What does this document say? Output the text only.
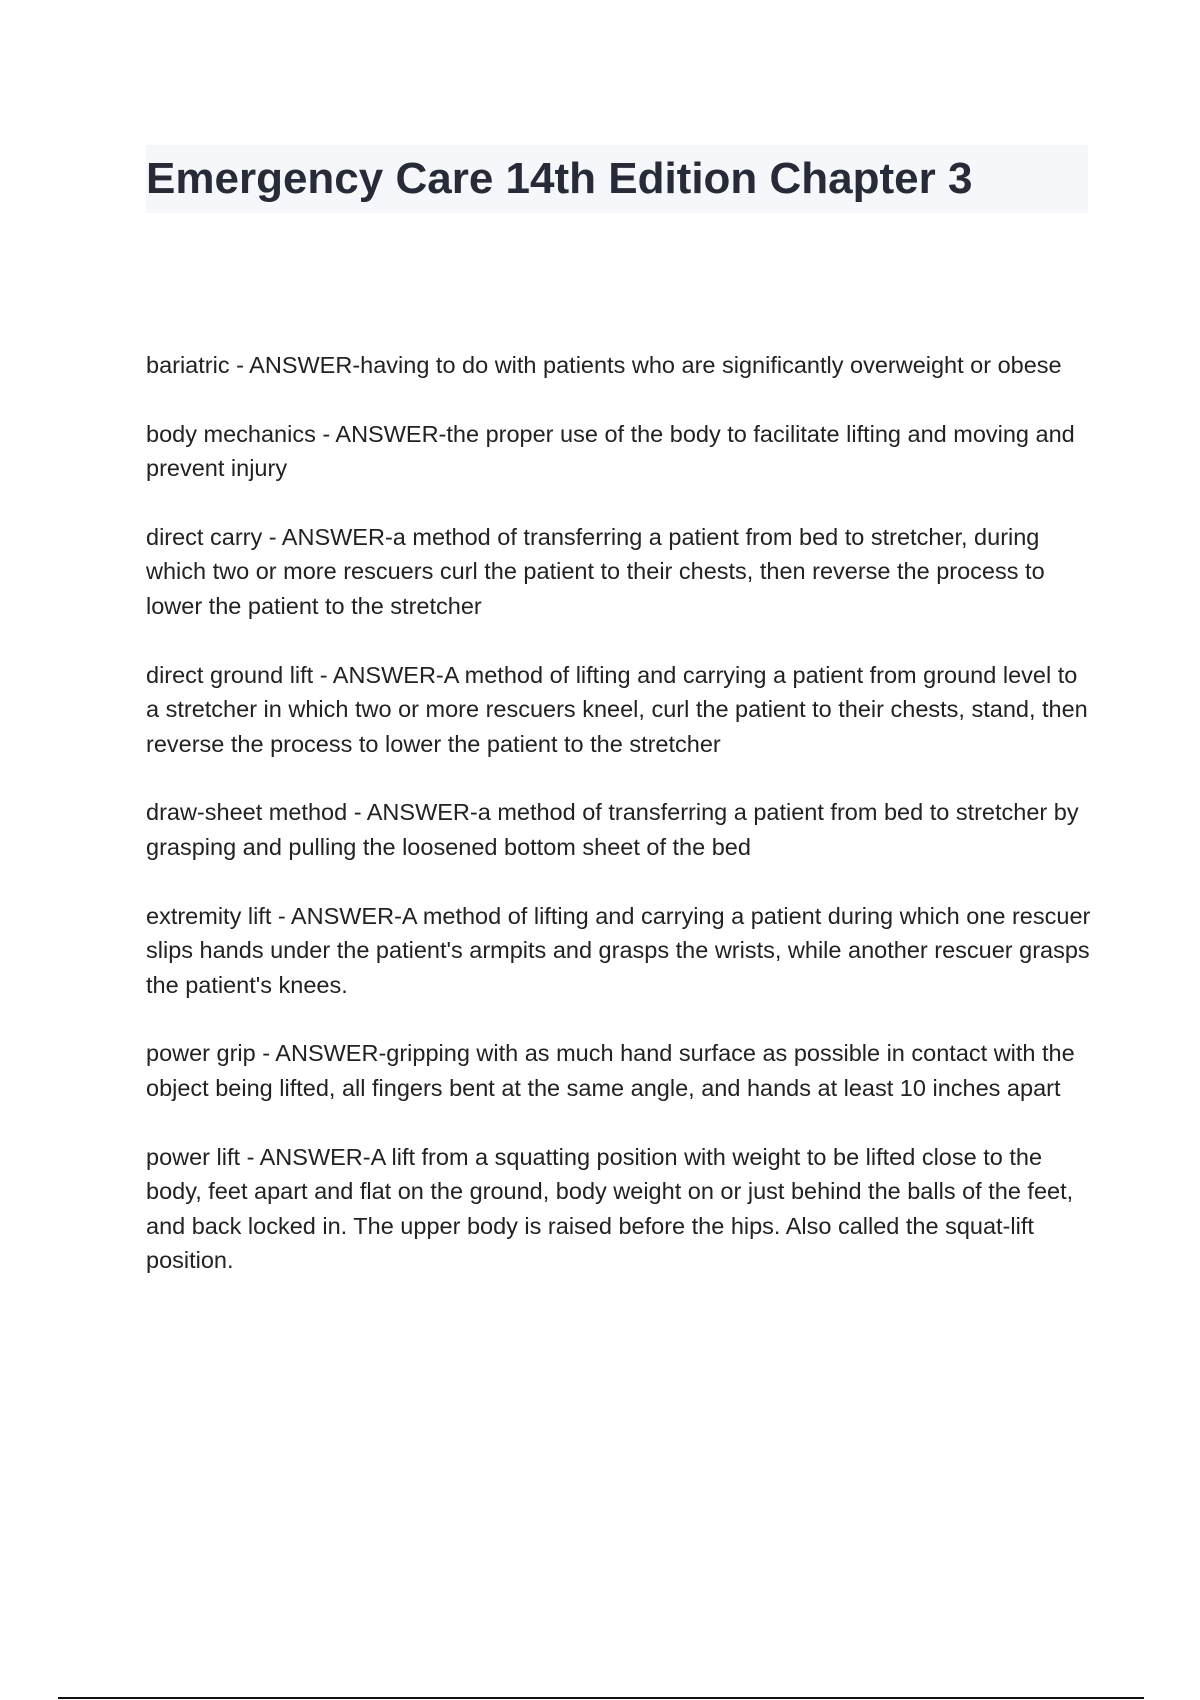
Emergency Care 14th Edition Chapter 3

bariatric - ANSWER-having to do with patients who are significantly overweight or obese

body mechanics - ANSWER-the proper use of the body to facilitate lifting and moving and prevent injury

direct carry - ANSWER-a method of transferring a patient from bed to stretcher, during which two or more rescuers curl the patient to their chests, then reverse the process to lower the patient to the stretcher

direct ground lift - ANSWER-A method of lifting and carrying a patient from ground level to a stretcher in which two or more rescuers kneel, curl the patient to their chests, stand, then reverse the process to lower the patient to the stretcher

draw-sheet method - ANSWER-a method of transferring a patient from bed to stretcher by grasping and pulling the loosened bottom sheet of the bed

extremity lift - ANSWER-A method of lifting and carrying a patient during which one rescuer slips hands under the patient's armpits and grasps the wrists, while another rescuer grasps the patient's knees.

power grip - ANSWER-gripping with as much hand surface as possible in contact with the object being lifted, all fingers bent at the same angle, and hands at least 10 inches apart

power lift - ANSWER-A lift from a squatting position with weight to be lifted close to the body, feet apart and flat on the ground, body weight on or just behind the balls of the feet, and back locked in. The upper body is raised before the hips. Also called the squat-lift position.
